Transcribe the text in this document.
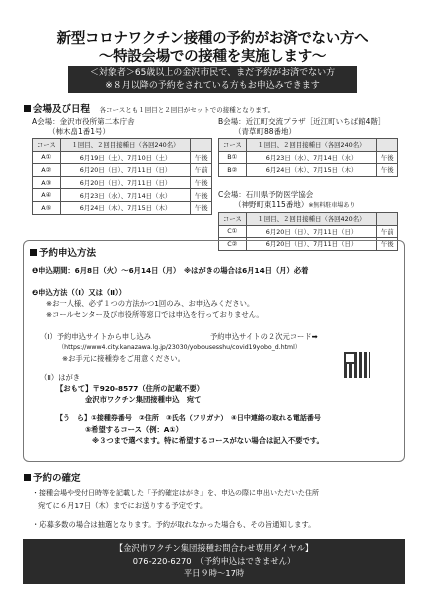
新型コロナワクチン接種の予約がお済でない方へ
～特設会場での接種を実施します～
＜対象者＞65歳以上の金沢市民で、まだ予約がお済でない方
※８月以降の予約をされている方もお申込みできます
会場及び日程　 各コースとも１回目と２回目がセットでの接種となります。
A会場：金沢市役所第二本庁舎
（柿木畠1番1号）
コース	１回目、２回目接種日（各回240名）	
A①	6月19日（土）、7月10日（土）	午後
A②	6月20日（日）、7月11日（日）	午前
A③	6月20日（日）、7月11日（日）	午後
A④	6月23日（水）、7月14日（水）	午後
A⑤	6月24日（木）、7月15日（木）	午後
B会場：近江町交流プラザ［近江町いちば館4階］
（青草町88番地）
コース	１回目、２回目接種日（各回240名）	
B①	6月23日（水）、7月14日（水）	午後
B②	6月24日（木）、7月15日（木）	午後
C会場：石川県予防医学協会
（神野町東115番地）※無料駐車場あり
コース	１回目、２回目接種日（各回420名）	
C①	6月20日（日）、7月11日（日）	午前
C②	6月20日（日）、7月11日（日）	午後
予約申込方法
❶申込期間：6月8日（火）～6月14日（月）　※はがきの場合は6月14日（月）必着
❷申込方法（（Ⅰ）又は（Ⅱ））
※お一人様、必ず１つの方法かつ1回のみ、お申込みください。
※コールセンター及び市役所等窓口では申込を行っておりません。
（Ⅰ）予約申込サイトから申し込み	予約申込サイトの２次元コード➡
（https://www4.city.kanazawa.lg.jp/23030/yobousesshu/covid19yobo_d.html）
※お手元に接種券をご用意ください。
（Ⅱ）はがき
【おもて】〒920-8577（住所の記載不要）
金沢市ワクチン集団接種申込　宛て
【う　ら】①接種券番号　②住所　③氏名（フリガナ）　④日中連絡の取れる電話番号
⑤希望するコース（例：A①）
※３つまで選べます。特に希望するコースがない場合は記入不要です。
予約の確定
・接種会場や受付日時等を記載した「予約確定はがき」を、申込の際に申出いただいた住所
宛てに６月17日（木）までにお送りする予定です。
・応募多数の場合は抽選となります。予約が取れなかった場合も、その旨通知します。
【金沢市ワクチン集団接種お問合わせ専用ダイヤル】
076-220-6270　（予約申込はできません）
平日９時～17時
